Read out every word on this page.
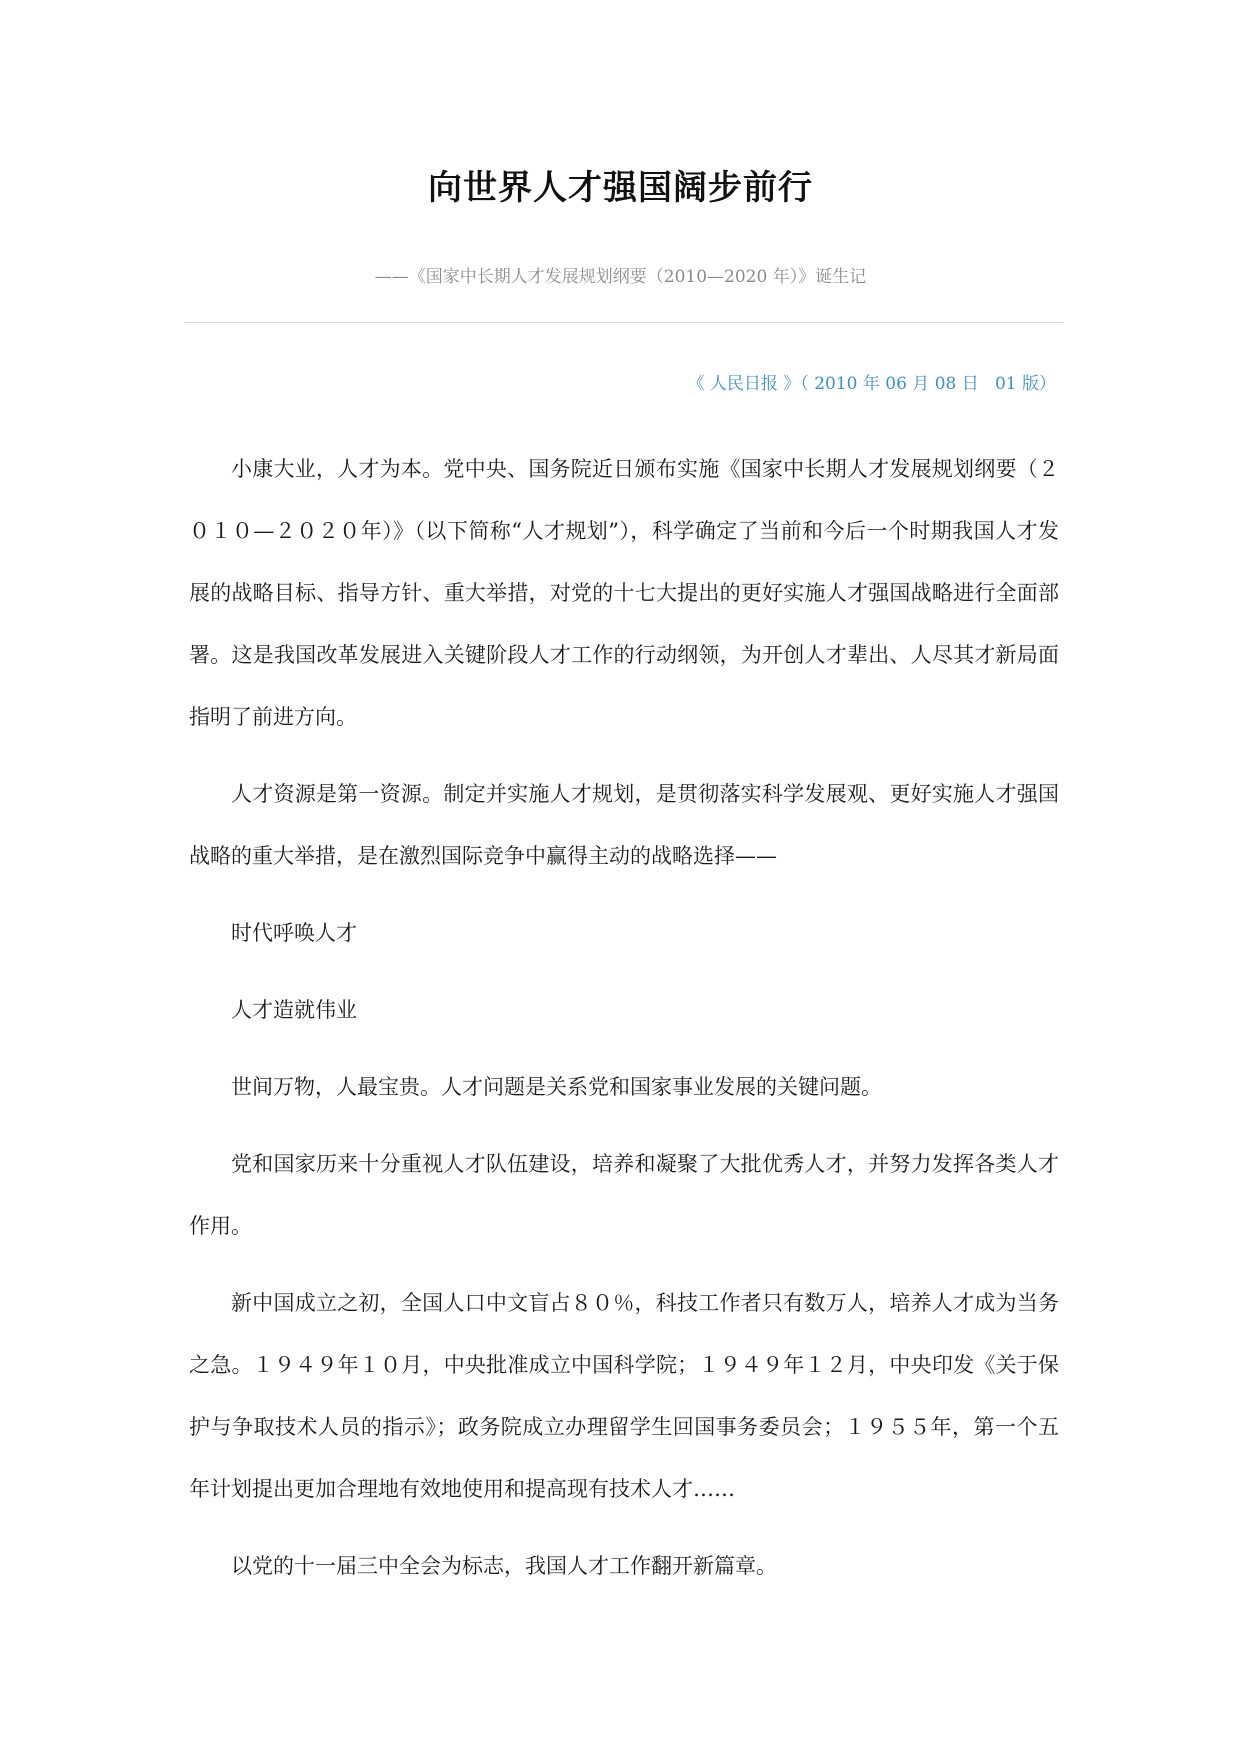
向世界人才强国阔步前行

——《国家中长期人才发展规划纲要（2010—2020 年）》诞生记

《 人民日报 》（ 2010 年 06 月 08 日   01 版）

小康大业，人才为本。党中央、国务院近日颁布实施《国家中长期人才发展规划纲要（２０１０—２０２０年）》（以下简称“人才规划”），科学确定了当前和今后一个时期我国人才发展的战略目标、指导方针、重大举措，对党的十七大提出的更好实施人才强国战略进行全面部署。这是我国改革发展进入关键阶段人才工作的行动纲领，为开创人才辈出、人尽其才新局面指明了前进方向。

人才资源是第一资源。制定并实施人才规划，是贯彻落实科学发展观、更好实施人才强国战略的重大举措，是在激烈国际竞争中赢得主动的战略选择——

时代呼唤人才

人才造就伟业

世间万物，人最宝贵。人才问题是关系党和国家事业发展的关键问题。

党和国家历来十分重视人才队伍建设，培养和凝聚了大批优秀人才，并努力发挥各类人才作用。

新中国成立之初，全国人口中文盲占８０％，科技工作者只有数万人，培养人才成为当务之急。１９４９年１０月，中央批准成立中国科学院；１９４９年１２月，中央印发《关于保护与争取技术人员的指示》；政务院成立办理留学生回国事务委员会；１９５５年，第一个五年计划提出更加合理地有效地使用和提高现有技术人才……

以党的十一届三中全会为标志，我国人才工作翻开新篇章。
